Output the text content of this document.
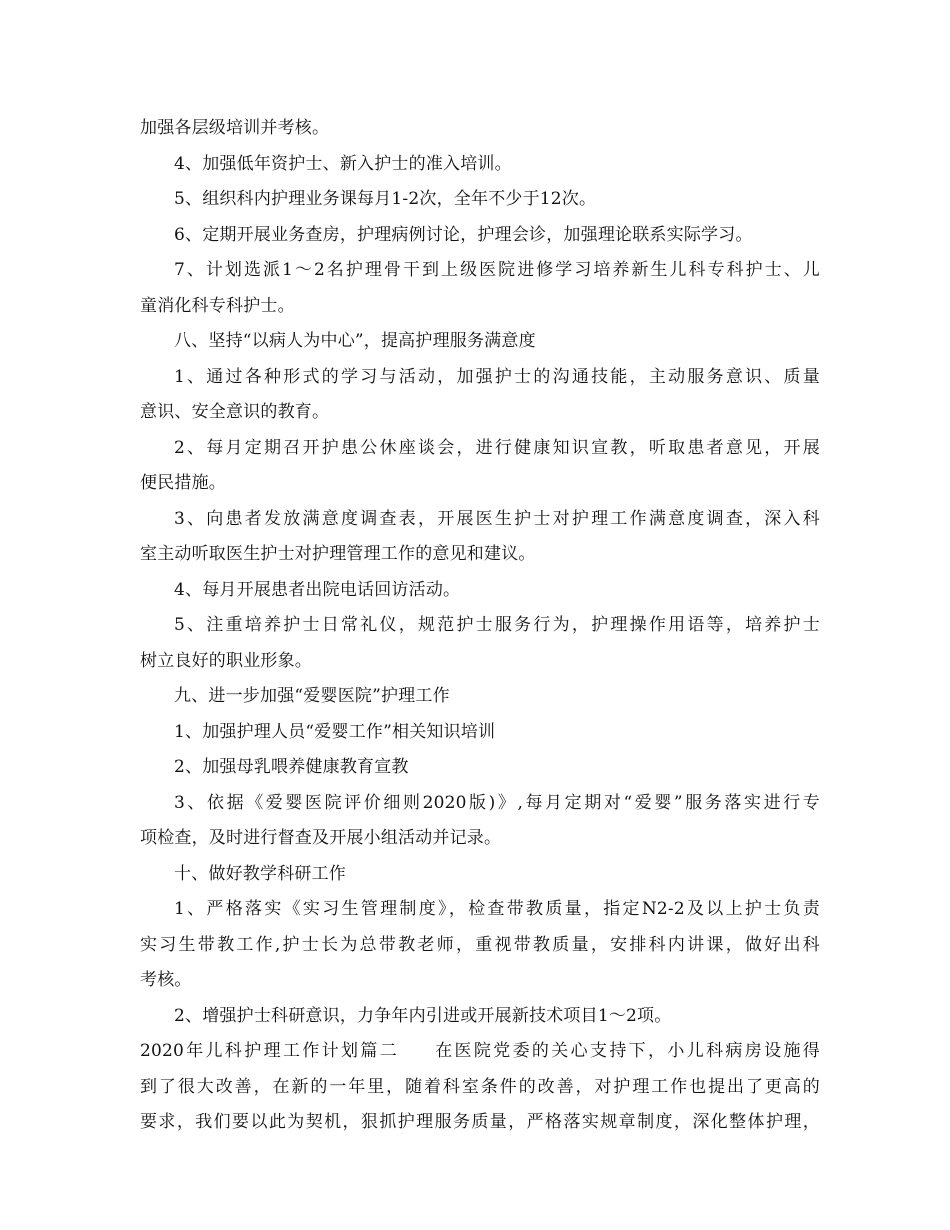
加强各层级培训并考核。
4、加强低年资护士、新入护士的准入培训。
5、组织科内护理业务课每月1-2次，全年不少于12次。
6、定期开展业务查房，护理病例讨论，护理会诊，加强理论联系实际学习。
7、计划选派1～2名护理骨干到上级医院进修学习培养新生儿科专科护士、儿
童消化科专科护士。
八、坚持“以病人为中心”，提高护理服务满意度
1、通过各种形式的学习与活动，加强护士的沟通技能，主动服务意识、质量
意识、安全意识的教育。
2、每月定期召开护患公休座谈会，进行健康知识宣教，听取患者意见，开展
便民措施。
3、向患者发放满意度调查表，开展医生护士对护理工作满意度调查，深入科
室主动听取医生护士对护理管理工作的意见和建议。
4、每月开展患者出院电话回访活动。
5、注重培养护士日常礼仪，规范护士服务行为，护理操作用语等，培养护士
树立良好的职业形象。
九、进一步加强“爱婴医院”护理工作
1、加强护理人员“爱婴工作”相关知识培训
2、加强母乳喂养健康教育宣教
3、依据《爱婴医院评价细则2020版)》,每月定期对“爱婴”服务落实进行专
项检查，及时进行督查及开展小组活动并记录。
十、做好教学科研工作
1、严格落实《实习生管理制度》，检查带教质量，指定N2-2及以上护士负责
实习生带教工作,护士长为总带教老师，重视带教质量，安排科内讲课，做好出科
考核。
2、增强护士科研意识，力争年内引进或开展新技术项目1～2项。
2020年儿科护理工作计划篇二 在医院党委的关心支持下，小儿科病房设施得
到了很大改善，在新的一年里，随着科室条件的改善，对护理工作也提出了更高的
要求，我们要以此为契机，狠抓护理服务质量，严格落实规章制度，深化整体护理，
